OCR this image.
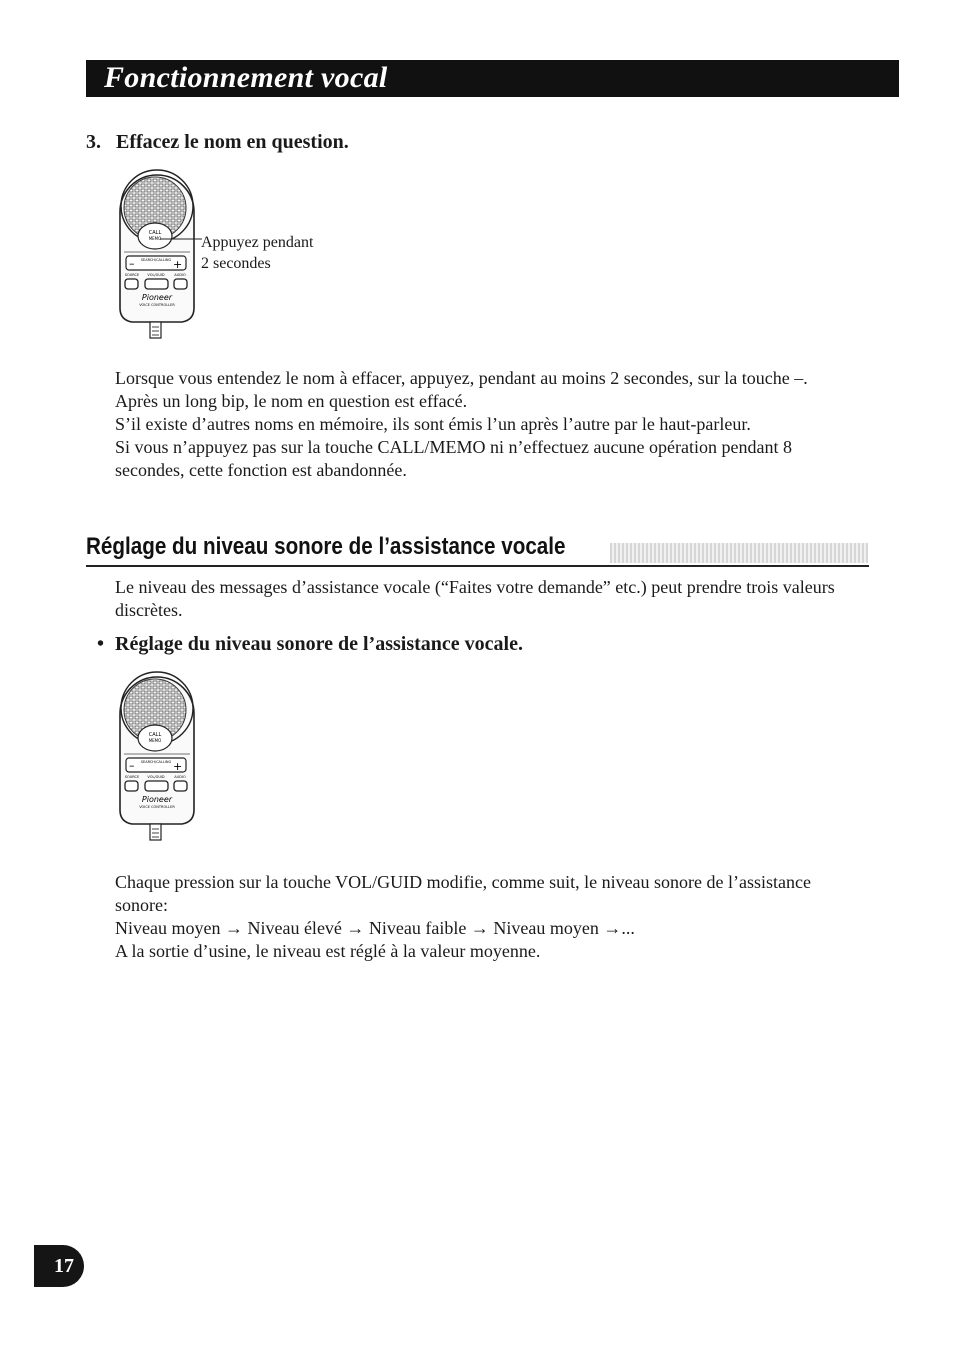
Fonctionnement vocal
3. Effacez le nom en question.
CALL
MEMO
–	+
SEARCH/CALLING
SOURCE VOL/GUID	AUDIO
Pioneer
VOICE CONTROLLER
Appuyez pendant
2 secondes

Lorsque vous entendez le nom à effacer, appuyez, pendant au moins 2 secondes, sur la touche –.

Après un long bip, le nom en question est effacé.

S’il existe d’autres noms en mémoire, ils sont émis l’un après l’autre par le haut-parleur.

Si vous n’appuyez pas sur la touche CALL/MEMO ni n’effectuez aucune opération pendant 8 secondes, cette fonction est abandonnée.

Réglage du niveau sonore de l’assistance vocale

Le niveau des messages d’assistance vocale (“Faites votre demande” etc.) peut prendre trois valeurs discrètes.

• Réglage du niveau sonore de l’assistance vocale.
CALL
MEMO
–	+
SEARCH/CALLING
SOURCE VOL/GUID	AUDIO
Pioneer
VOICE CONTROLLER

Chaque pression sur la touche VOL/GUID modifie, comme suit, le niveau sonore de l’assistance sonore:

Niveau moyen → Niveau élevé → Niveau faible → Niveau moyen →...

A la sortie d’usine, le niveau est réglé à la valeur moyenne.

17
